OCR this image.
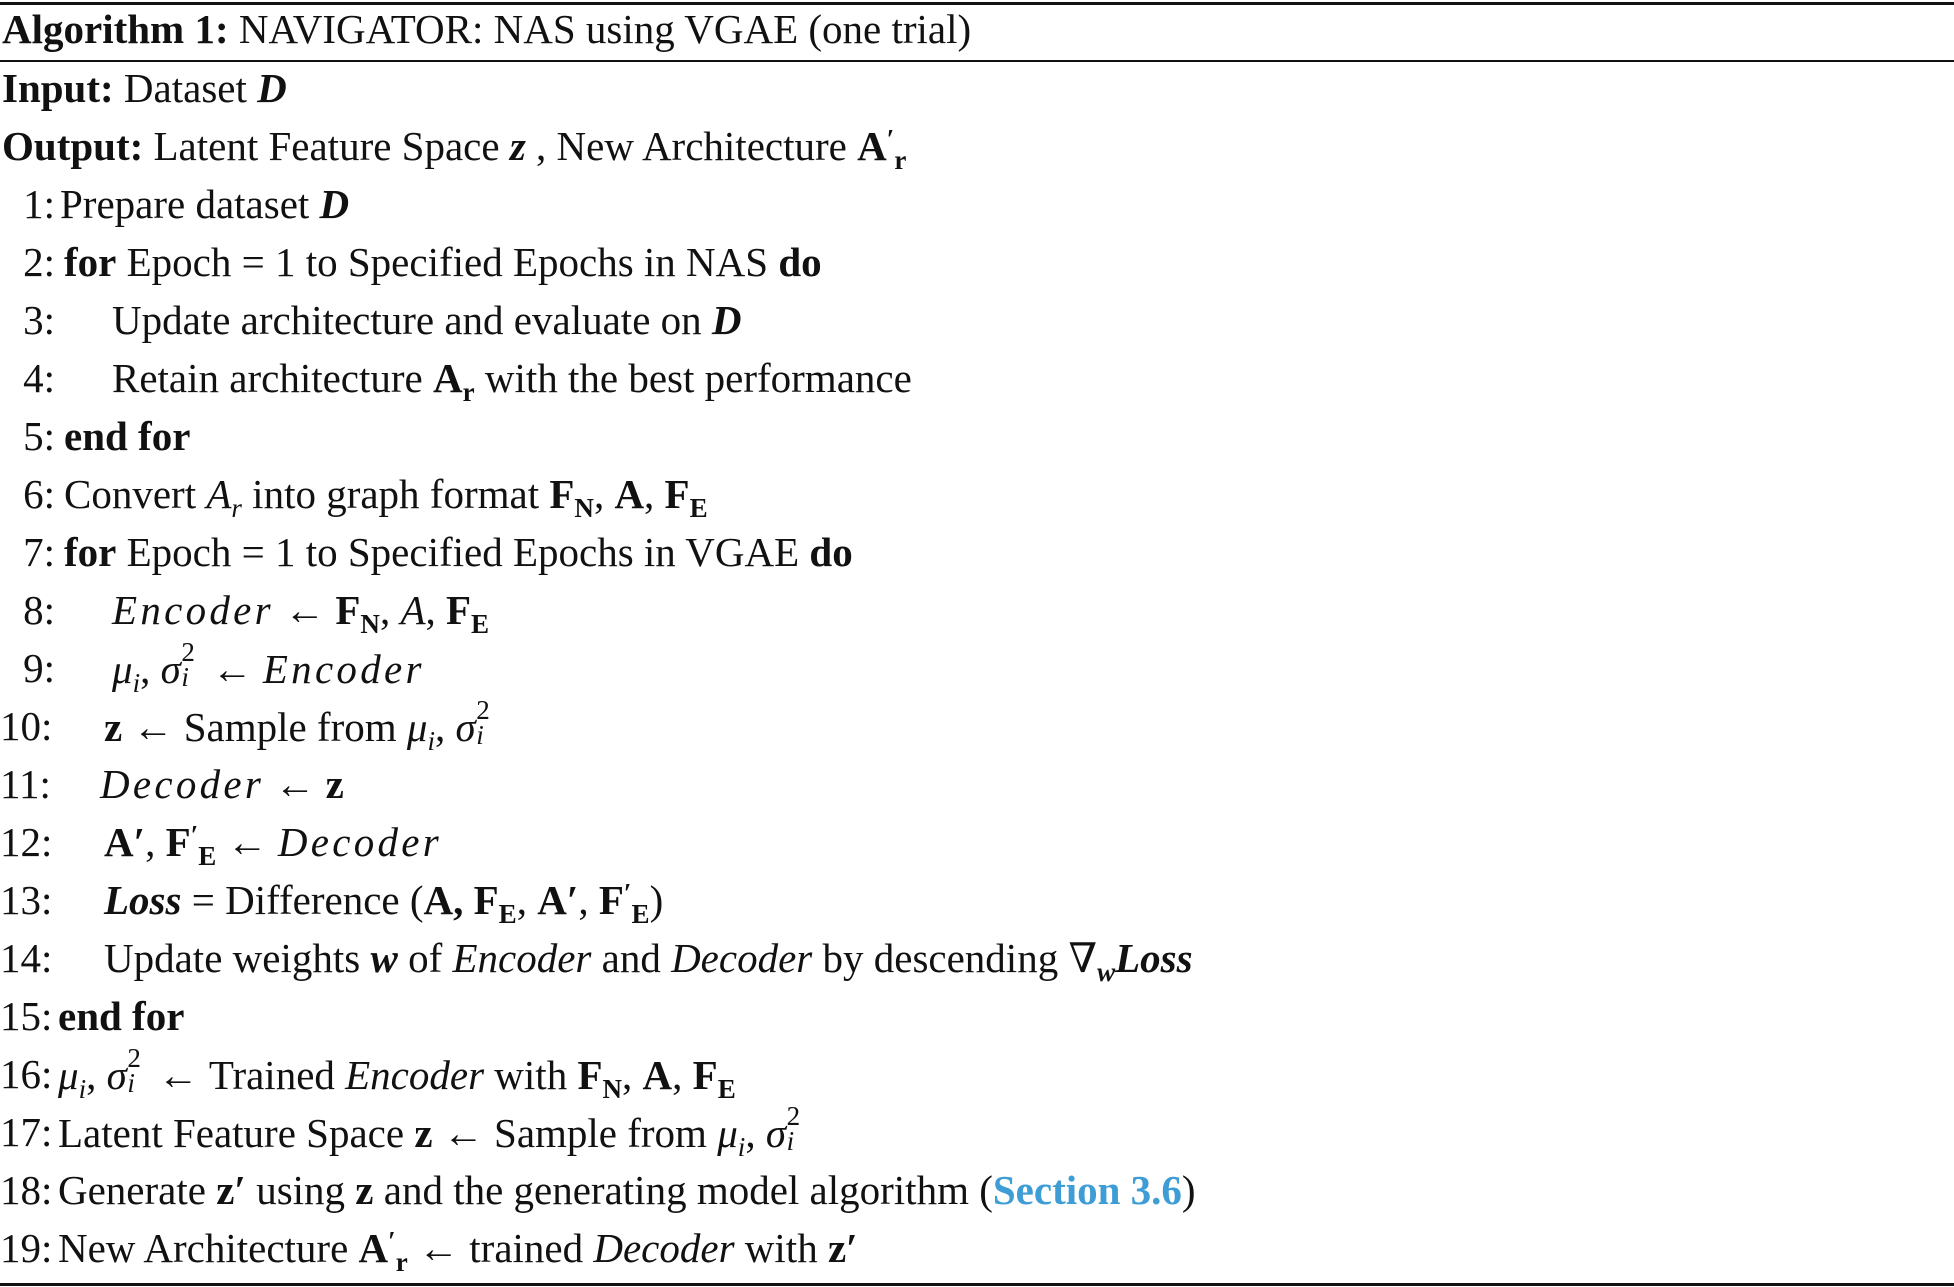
Algorithm 1: NAVIGATOR: NAS using VGAE (one trial)
Input: Dataset D
Output: Latent Feature Space z , New Architecture $A'_r$
1: Prepare dataset D
2: for Epoch = 1 to Specified Epochs in NAS do
3: Update architecture and evaluate on D
4: Retain architecture $A_r$ with the best performance
5: end for
6: Convert $A_r$ into graph format $F_N$, A, $F_E$
7: for Epoch = 1 to Specified Epochs in VGAE do
8: Encoder ← $F_N$, A, $F_E$
9: $\mu_i$, σ 2
i ← Encoder
10: z ← Sample from $\mu_i$, σ 2
i
11: Decoder ← z
12: A′, $F'_E$ ← Decoder
13: Loss = Difference (A, $F_E$, A′, $F'_E$)
14: Update weights w of Encoder and Decoder by descending $\nabla_wLoss$
15: end for
16: $\mu_i$, σ 2
i ← Trained Encoder with $F_N$, A, $F_E$
17: Latent Feature Space z ← Sample from $\mu_i$, σ 2
i
18: Generate z′ using z and the generating model algorithm (Section 3.6)
19: New Architecture $A'_r$ ← trained Decoder with z′
